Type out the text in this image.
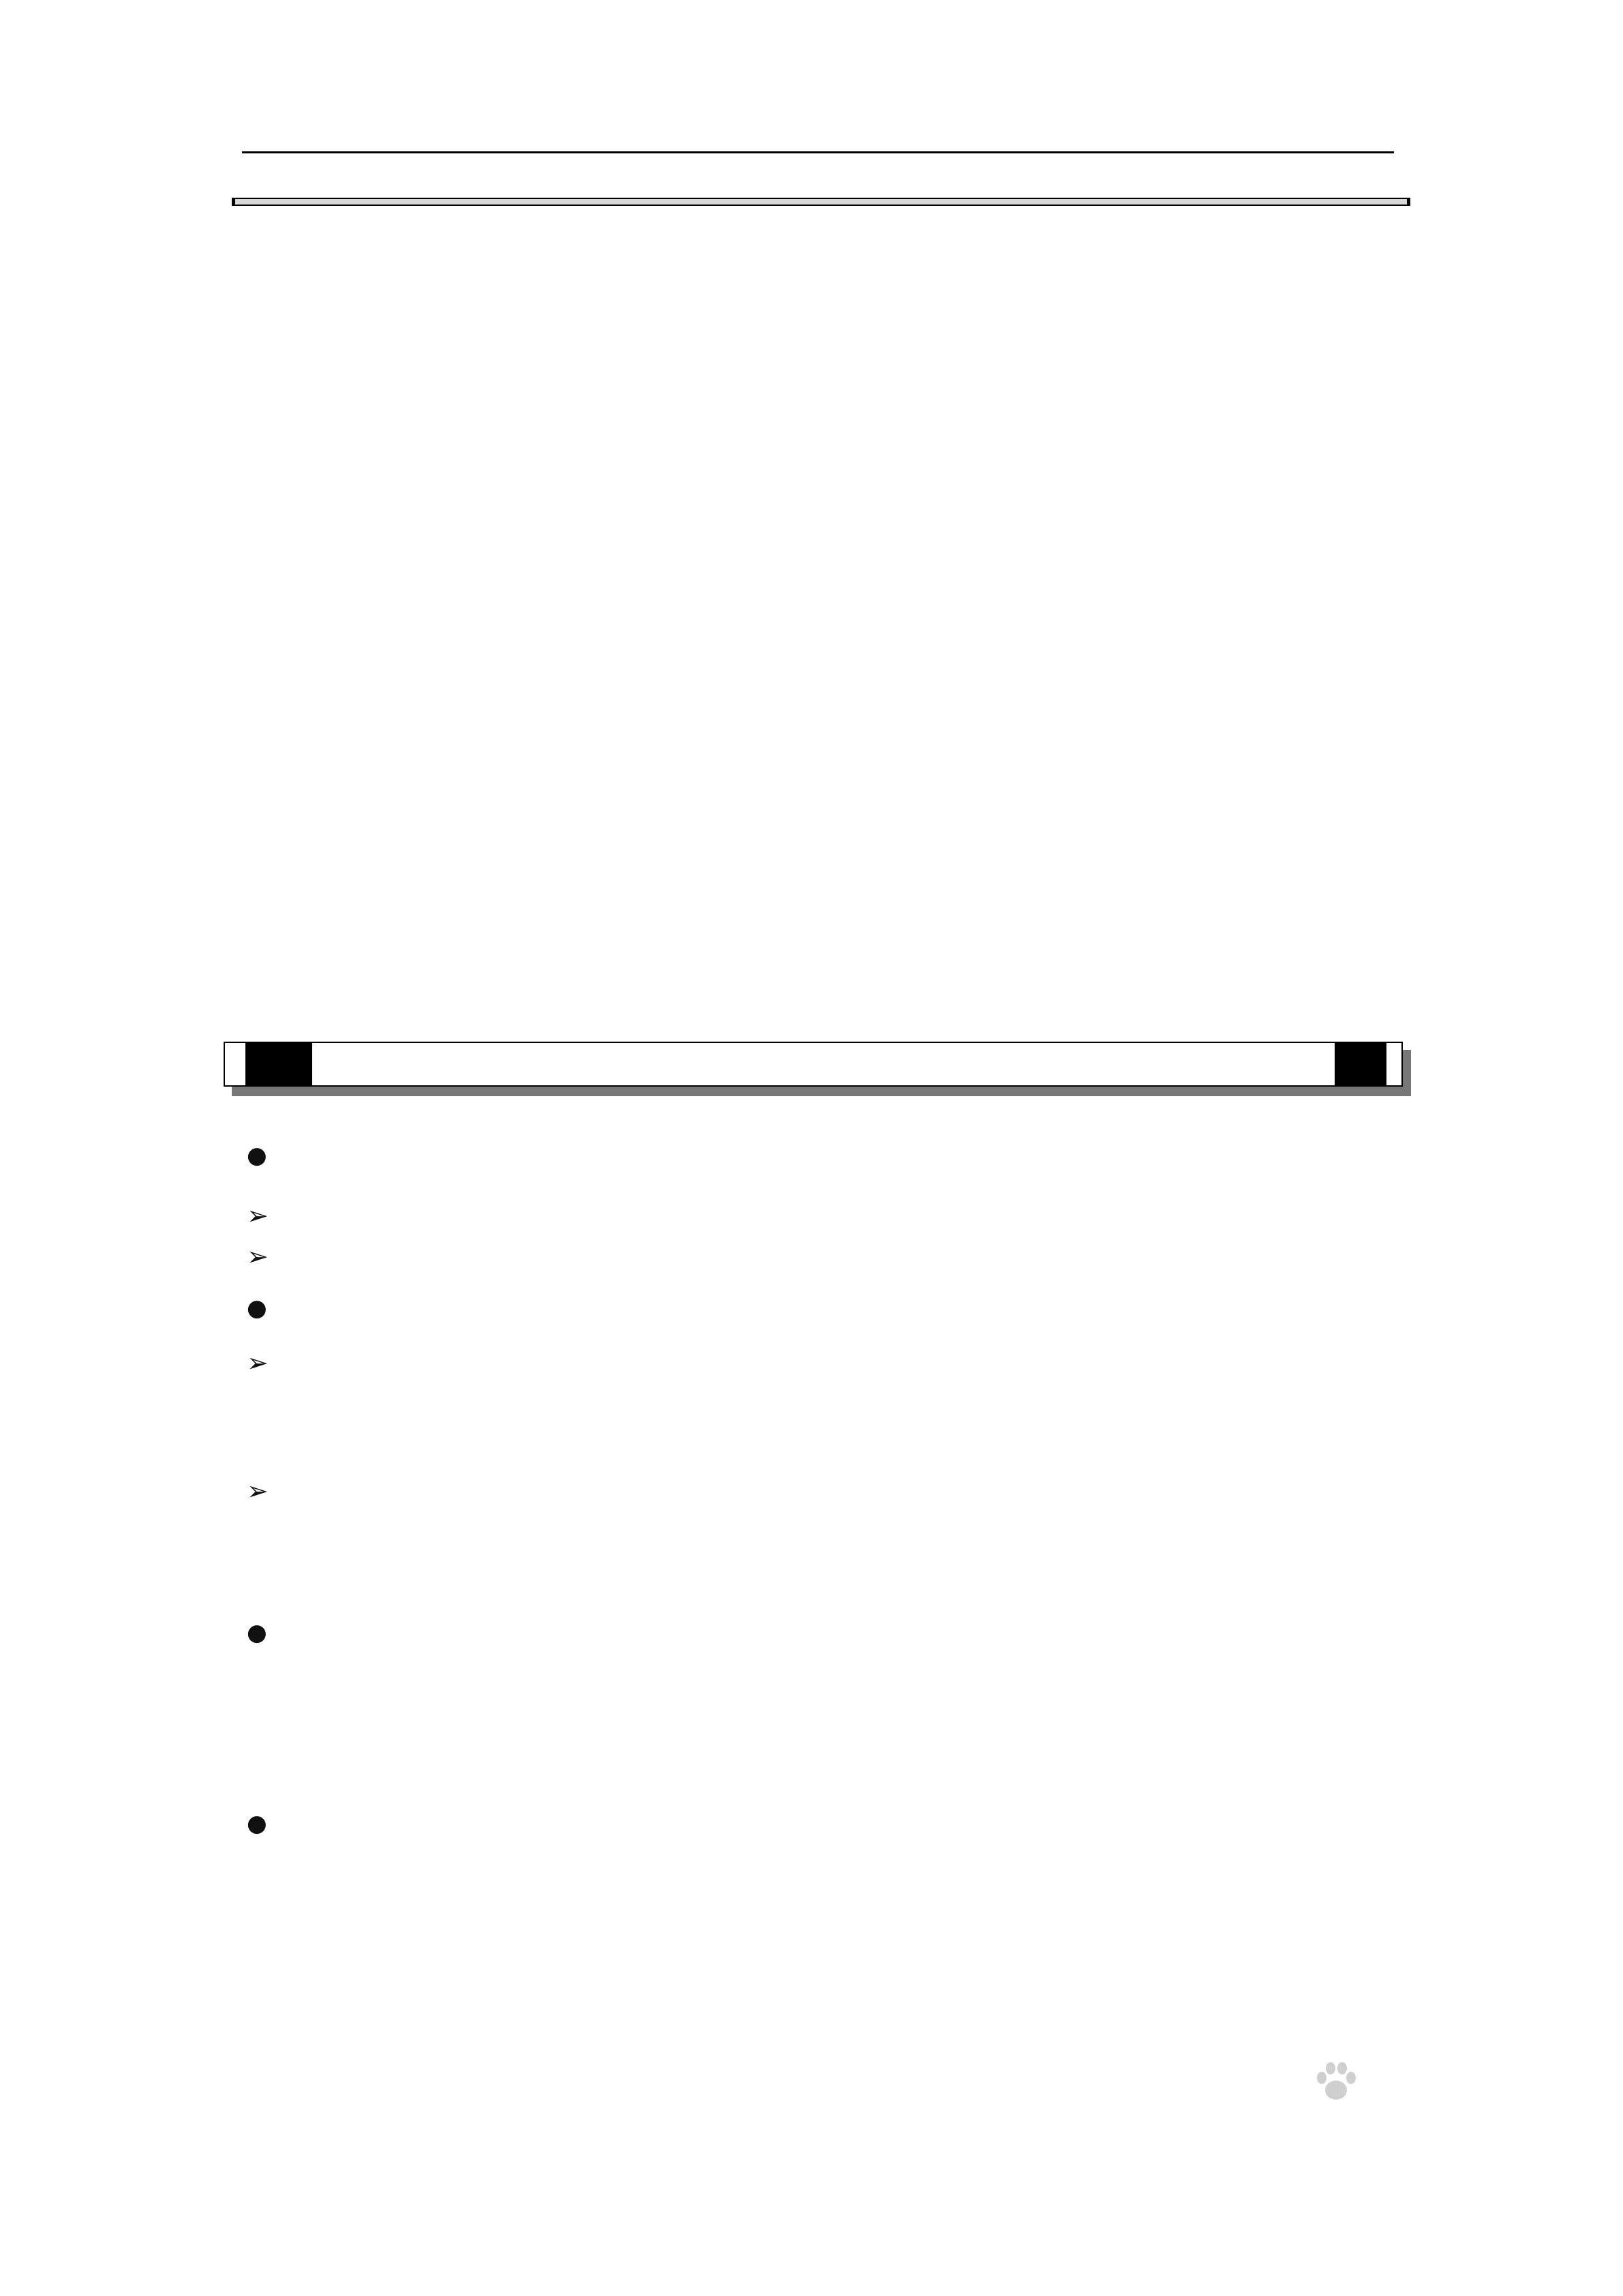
●
➢
➢
●
➢
➢
●
●
